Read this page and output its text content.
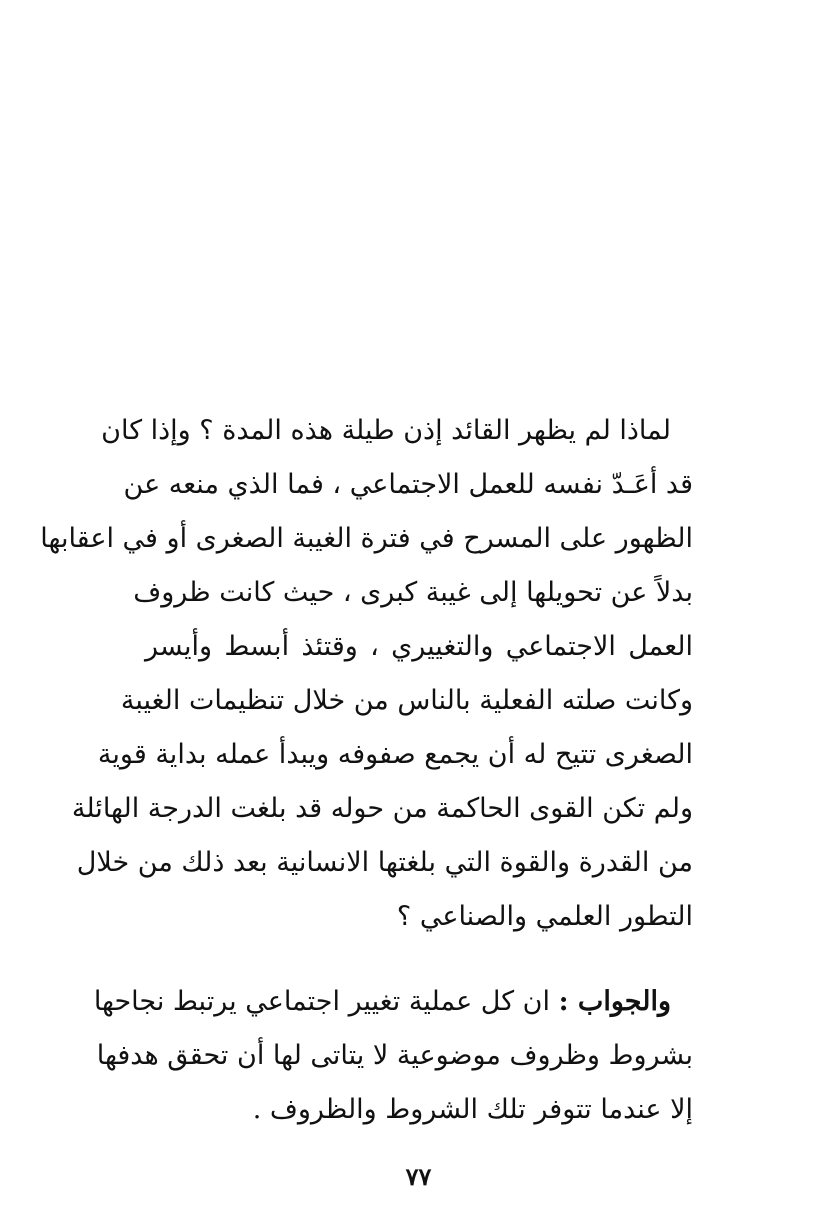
لماذا لم يظهر القائد إذن طيلة هذه المدة ؟ وإذا كان
قد أعَـدّ نفسه للعمل الاجتماعي ، فما الذي منعه عن
الظهور على المسرح في فترة الغيبة الصغرى أو في اعقابها
بدلاً عن تحويلها إلى غيبة كبرى ، حيث كانت ظروف
العمل الاجتماعي والتغييري ، وقتئذ أبسط وأيسر
وكانت صلته الفعلية بالناس من خلال تنظيمات الغيبة
الصغرى تتيح له أن يجمع صفوفه ويبدأ عمله بداية قوية
ولم تكن القوى الحاكمة من حوله قد بلغت الدرجة الهائلة
من القدرة والقوة التي بلغتها الانسانية بعد ذلك من خلال
التطور العلمي والصناعي ؟
والجواب : ان كل عملية تغيير اجتماعي يرتبط نجاحها
بشروط وظروف موضوعية لا يتاتى لها أن تحقق هدفها
إلا عندما تتوفر تلك الشروط والظروف .
٧٧
